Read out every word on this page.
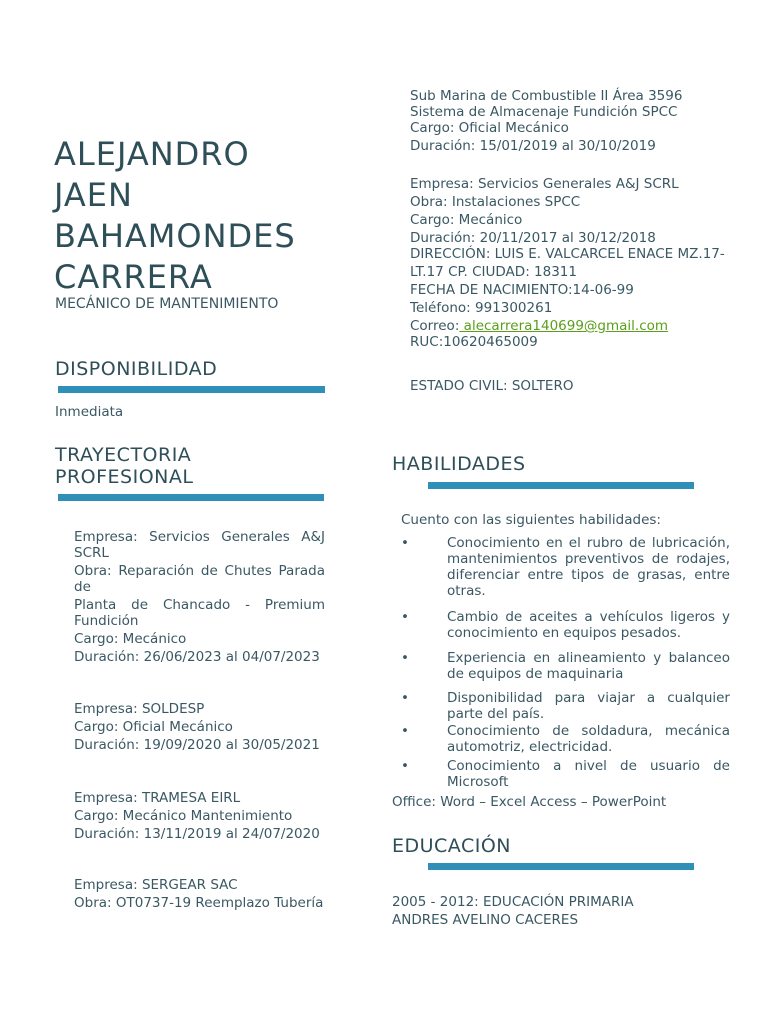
ALEJANDRO
JAEN
BAHAMONDES
CARRERA
MECÁNICO DE MANTENIMIENTO
DISPONIBILIDAD
Inmediata
TRAYECTORIA
PROFESIONAL

Empresa: Servicios Generales A&J SCRL

Obra: Reparación de Chutes Parada de

Planta de Chancado - Premium Fundición

Cargo: Mecánico

Duración: 26/06/2023 al 04/07/2023

Empresa: SOLDESP

Cargo: Oficial Mecánico

Duración: 19/09/2020 al 30/05/2021

Empresa: TRAMESA EIRL

Cargo: Mecánico Mantenimiento

Duración: 13/11/2019 al 24/07/2020

Empresa: SERGEAR SAC

Obra: OT0737-19 Reemplazo Tubería

Sub Marina de Combustible II Área 3596

Sistema de Almacenaje Fundición SPCC

Cargo: Oficial Mecánico

Duración: 15/01/2019 al 30/10/2019

Empresa: Servicios Generales A&J SCRL

Obra: Instalaciones SPCC

Cargo: Mecánico

Duración: 20/11/2017 al 30/12/2018

DIRECCIÓN: LUIS E. VALCARCEL ENACE MZ.17-

LT.17 CP. CIUDAD: 18311

FECHA DE NACIMIENTO:14-06-99

Teléfono: 991300261

Correo: alecarrera140699@gmail.com

RUC:10620465009

ESTADO CIVIL: SOLTERO
HABILIDADES
Cuento con las siguientes habilidades:
•	Conocimiento en el rubro de lubricación, mantenimientos preventivos de rodajes, diferenciar entre tipos de grasas, entre otras.
•	Cambio de aceites a vehículos ligeros y conocimiento en equipos pesados.
•	Experiencia en alineamiento y balanceo de equipos de maquinaria
•	Disponibilidad para viajar a cualquier parte del país.
•	Conocimiento de soldadura, mecánica automotriz, electricidad.
•	Conocimiento a nivel de usuario de Microsoft
Office: Word – Excel Access – PowerPoint
EDUCACIÓN

2005 - 2012: EDUCACIÓN PRIMARIA

ANDRES AVELINO CACERES
